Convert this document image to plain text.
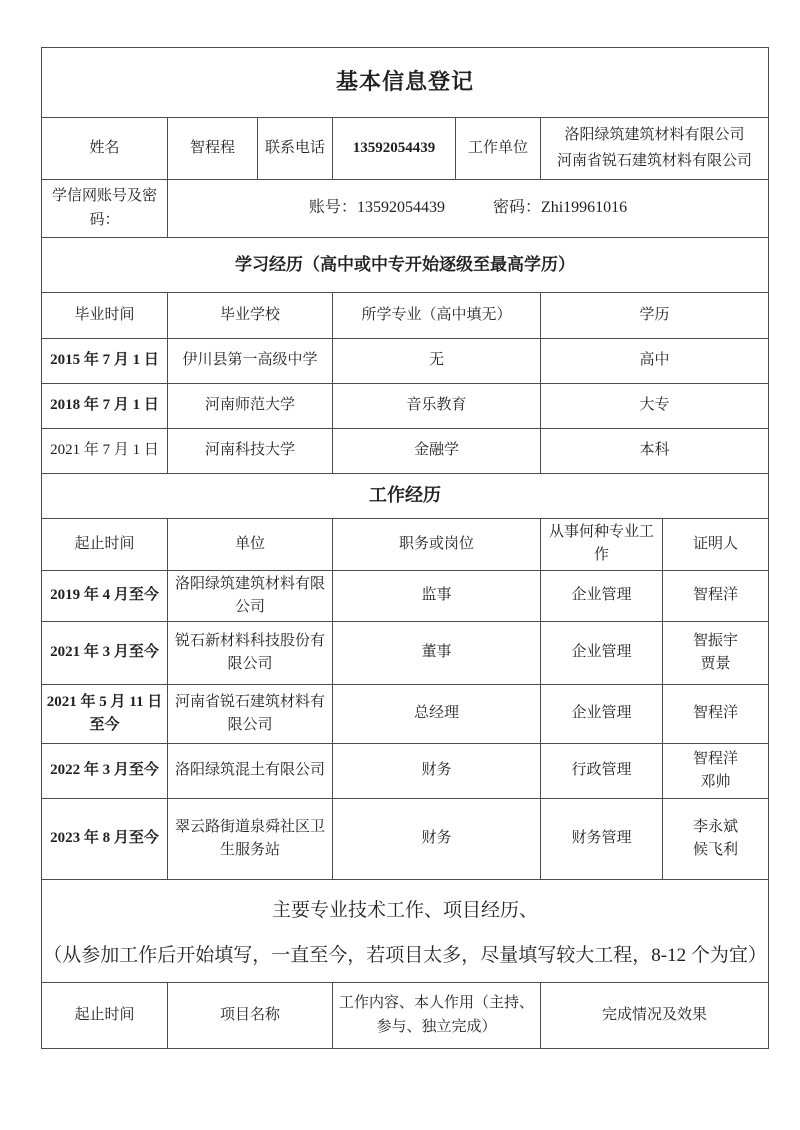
基本信息登记						
姓名	智程程	联系电话	13592054439	工作单位	洛阳绿筑建筑材料有限公司
河南省锐石建筑材料有限公司	

学信网账号及密码：	账号：13592054439 密码：Zhi19961016					
学习经历（高中或中专开始逐级至最高学历）						
毕业时间	毕业学校		所学专业（高中填无）		学历	
2015 年 7 月 1 日	伊川县第一高级中学		无		高中	
2018 年 7 月 1 日	河南师范大学		音乐教育		大专	
2021 年 7 月 1 日	河南科技大学		金融学		本科	
工作经历						
起止时间	单位		职务或岗位		从事何种专业工作	证明人

2019 年 4 月至今	洛阳绿筑建筑材料有限公司		监事		企业管理	智程洋

2021 年 3 月至今	锐石新材料科技股份有限公司		董事		企业管理	智振宇
贾景

2021 年 5 月 11 日
至今	河南省锐石建筑材料有限公司		总经理		企业管理	智程洋

2022 年 3 月至今	洛阳绿筑混土有限公司		财务		行政管理	智程洋
邓帅

2023 年 8 月至今	翠云路街道泉舜社区卫生服务站		财务		财务管理	李永斌
候飞利

主要专业技术工作、项目经历、
（从参加工作后开始填写，一直至今，若项目太多，尽量填写较大工程，8-12 个为宜）						

起止时间	项目名称		工作内容、本人作用（主持、参与、独立完成）		完成情况及效果	
